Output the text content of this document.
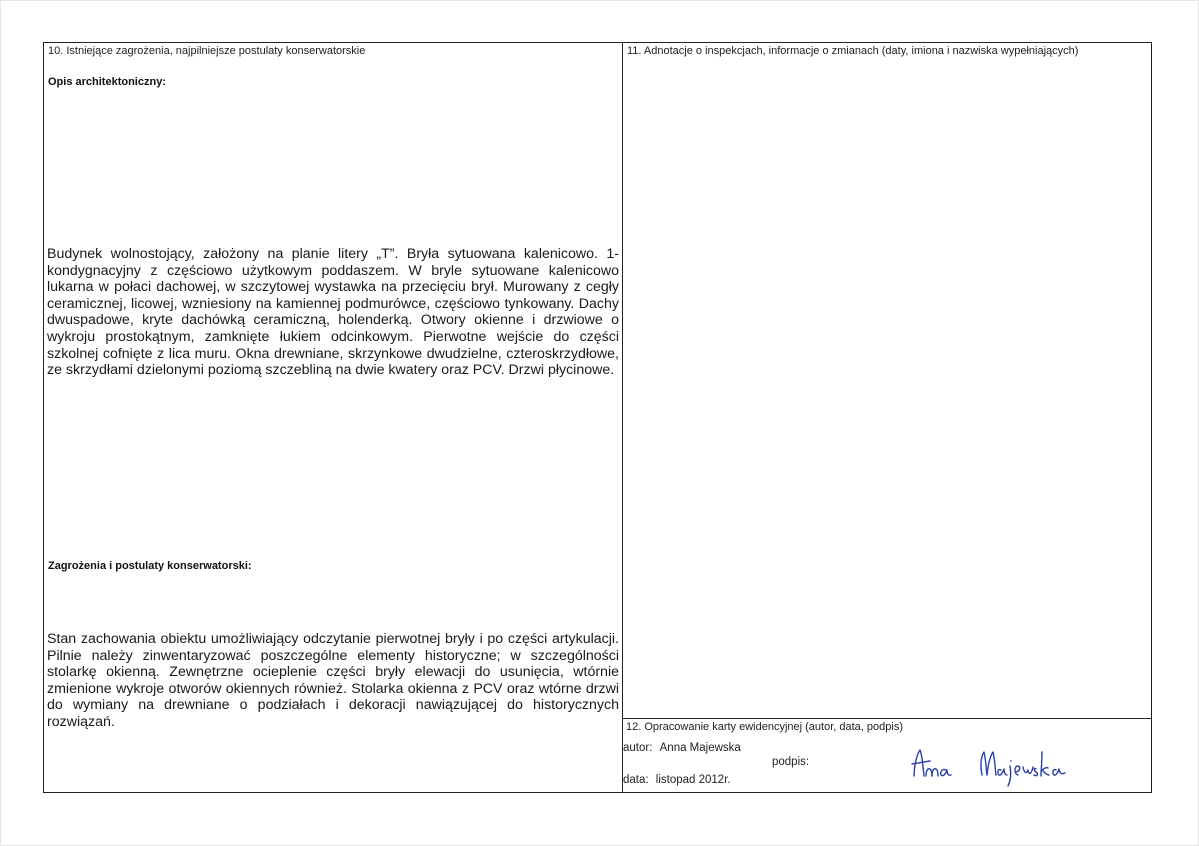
10. Istniejące zagrożenia, najpilniejsze postulaty konserwatorskie
Opis architektoniczny:
Budynek wolnostojący, założony na planie litery „T”. Bryła sytuowana kalenicowo. 1-kondygnacyjny z częściowo użytkowym poddaszem. W bryle sytuowane kalenicowo lukarna w połaci dachowej, w szczytowej wystawka na przecięciu brył. Murowany z cegły ceramicznej, licowej, wzniesiony na kamiennej podmurówce, częściowo tynkowany. Dachy dwuspadowe, kryte dachówką ceramiczną, holenderką. Otwory okienne i drzwiowe o wykroju prostokątnym, zamknięte łukiem odcinkowym. Pierwotne wejście do części szkolnej cofnięte z lica muru. Okna drewniane, skrzynkowe dwudzielne, czteroskrzydłowe, ze skrzydłami dzielonymi poziomą szczebliną na dwie kwatery oraz PCV. Drzwi płycinowe.
Zagrożenia i postulaty konserwatorski:
Stan zachowania obiektu umożliwiający odczytanie pierwotnej bryły i po części artykulacji. Pilnie należy zinwentaryzować poszczególne elementy historyczne; w szczególności stolarkę okienną. Zewnętrzne ocieplenie części bryły elewacji do usunięcia, wtórnie zmienione wykroje otworów okiennych również. Stolarka okienna z PCV oraz wtórne drzwi do wymiany na drewniane o podziałach i dekoracji nawiązującej do historycznych rozwiązań.
11. Adnotacje o inspekcjach, informacje o zmianach (daty, imiona i nazwiska wypełniających)
12. Opracowanie karty ewidencyjnej (autor, data, podpis)
autor: Anna Majewska
podpis:
data: listopad 2012r.
